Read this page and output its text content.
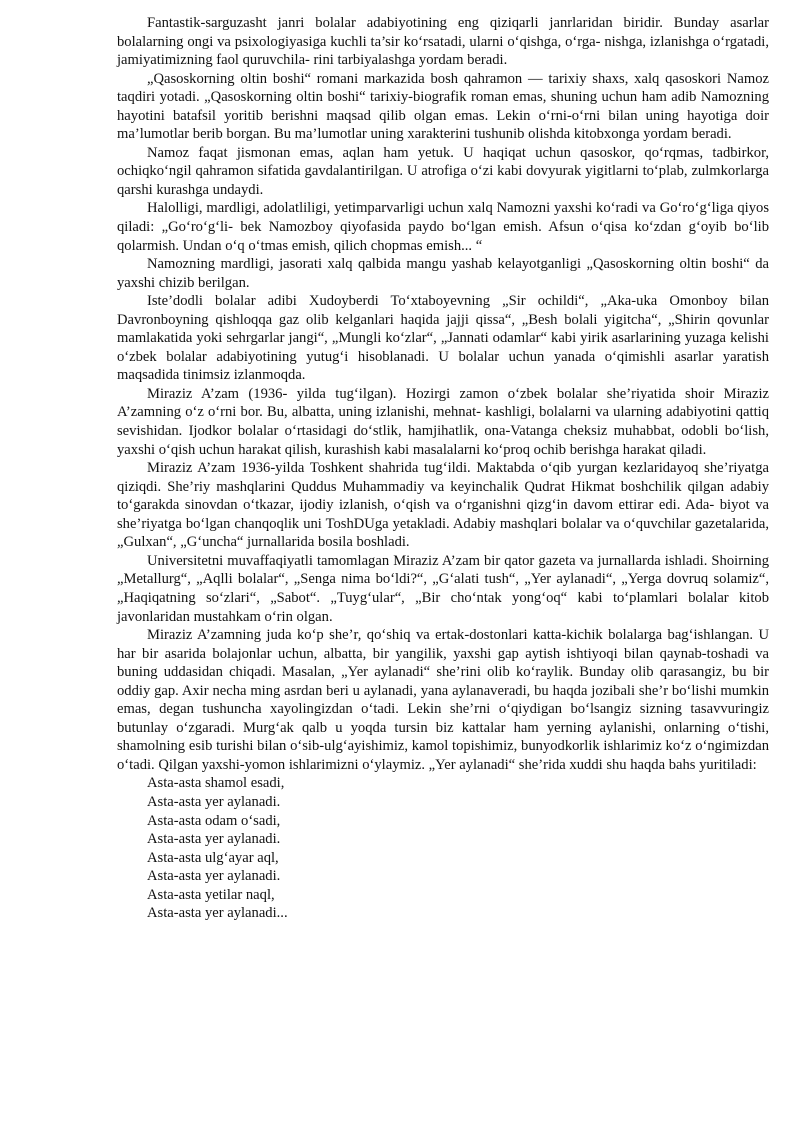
Fantastik-sarguzasht janri bolalar adabiyotining eng qiziqarli janrlaridan biridir. Bunday asarlar bolalarning ongi va psixologiyasiga kuchli ta’sir ko‘rsatadi, ularni o‘qishga, o‘rga- nishga, izlanishga o‘rgatadi, jamiyatimizning faol quruvchila- rini tarbiyalashga yordam beradi.

„Qasoskorning oltin boshi“ romani markazida bosh qahramon — tarixiy shaxs, xalq qasoskori Namoz taqdiri yotadi. „Qasoskorning oltin boshi“ tarixiy-biografik roman emas, shuning uchun ham adib Namozning hayotini batafsil yoritib berishni maqsad qilib olgan emas. Lekin o‘rni-o‘rni bilan uning hayotiga doir ma’lumotlar berib borgan. Bu ma’lumotlar uning xarakterini tushunib olishda kitobxonga yordam beradi.

Namoz faqat jismonan emas, aqlan ham yetuk. U haqiqat uchun qasoskor, qo‘rqmas, tadbirkor, ochiqko‘ngil qahramon sifatida gavdalantirilgan. U atrofiga o‘zi kabi dovyurak yigitlarni to‘plab, zulmkorlarga qarshi kurashga undaydi.

Halolligi, mardligi, adolatliligi, yetimparvarligi uchun xalq Namozni yaxshi ko‘radi va Go‘ro‘g‘liga qiyos qiladi: „Go‘ro‘g‘li- bek Namozboy qiyofasida paydo bo‘lgan emish. Afsun o‘qisa ko‘zdan g‘oyib bo‘lib qolarmish. Undan o‘q o‘tmas emish, qilich chopmas emish... “

Namozning mardligi, jasorati xalq qalbida mangu yashab kelayotganligi „Qasoskorning oltin boshi“ da yaxshi chizib berilgan.

Iste’dodli bolalar adibi Xudoyberdi To‘xtaboyevning „Sir ochildi“, „Aka-uka Omonboy bilan Davronboyning qishloqqa gaz olib kelganlari haqida jajji qissa“, „Besh bolali yigitcha“, „Shirin qovunlar mamlakatida yoki sehrgarlar jangi“, „Mungli ko‘zlar“, „Jannati odamlar“ kabi yirik asarlarining yuzaga kelishi o‘zbek bolalar adabiyotining yutug‘i hisoblanadi. U bolalar uchun yanada o‘qimishli asarlar yaratish maqsadida tinimsiz izlanmoqda.

Miraziz A’zam (1936- yilda tug‘ilgan). Hozirgi zamon o‘zbek bolalar she’riyatida shoir Miraziz A’zamning o‘z o‘rni bor. Bu, albatta, uning izlanishi, mehnat- kashligi, bolalarni va ularning adabiyotini qattiq sevishidan. Ijodkor bolalar o‘rtasidagi do‘stlik, hamjihatlik, ona-Vatanga cheksiz muhabbat, odobli bo‘lish, yaxshi o‘qish uchun harakat qilish, kurashish kabi masalalarni ko‘proq ochib berishga harakat qiladi.

Miraziz A’zam 1936-yilda Toshkent shahrida tug‘ildi. Maktabda o‘qib yurgan kezlaridayoq she’riyatga qiziqdi. She’riy mashqlarini Quddus Muhammadiy va keyinchalik Qudrat Hikmat boshchilik qilgan adabiy to‘garakda sinovdan o‘tkazar, ijodiy izlanish, o‘qish va o‘rganishni qizg‘in davom ettirar edi. Ada- biyot va she’riyatga bo‘lgan chanqoqlik uni ToshDUga yetakladi. Adabiy mashqlari bolalar va o‘quvchilar gazetalarida, „Gulxan“, „G‘uncha“ jurnallarida bosila boshladi.

Universitetni muvaffaqiyatli tamomlagan Miraziz A’zam bir qator gazeta va jurnallarda ishladi. Shoirning „Metallurg“, „Aqlli bolalar“, „Senga nima bo‘ldi?“, „G‘alati tush“, „Yer aylanadi“, „Yerga dovruq solamiz“, „Haqiqatning so‘zlari“, „Sabot“. „Tuyg‘ular“, „Bir cho‘ntak yong‘oq“ kabi to‘plamlari bolalar kitob javonlaridan mustahkam o‘rin olgan.

Miraziz A’zamning juda ko‘p she’r, qo‘shiq va ertak-dostonlari katta-kichik bolalarga bag‘ishlangan. U har bir asarida bolajonlar uchun, albatta, bir yangilik, yaxshi gap aytish ishtiyoqi bilan qaynab-toshadi va buning uddasidan chiqadi. Masalan, „Yer aylanadi“ she’rini olib ko‘raylik. Bunday olib qarasangiz, bu bir oddiy gap. Axir necha ming asrdan beri u aylanadi, yana aylanaveradi, bu haqda jozibali she’r bo‘lishi mumkin emas, degan tushuncha xayolingizdan o‘tadi. Lekin she’rni o‘qiydigan bo‘lsangiz sizning tasavvuringiz butunlay o‘zgaradi. Murg‘ak qalb u yoqda tursin biz kattalar ham yerning aylanishi, onlarning o‘tishi, shamolning esib turishi bilan o‘sib-ulg‘ayishimiz, kamol topishimiz, bunyodkorlik ishlarimiz ko‘z o‘ngimizdan o‘tadi. Qilgan yaxshi-yomon ishlarimizni o‘ylaymiz. „Yer aylanadi“ she’rida xuddi shu haqda bahs yuritiladi:

Asta-asta shamol esadi,
Asta-asta yer aylanadi.
Asta-asta odam o‘sadi,
Asta-asta yer aylanadi.
Asta-asta ulg‘ayar aql,
Asta-asta yer aylanadi.
Asta-asta yetilar naql,
Asta-asta yer aylanadi...
